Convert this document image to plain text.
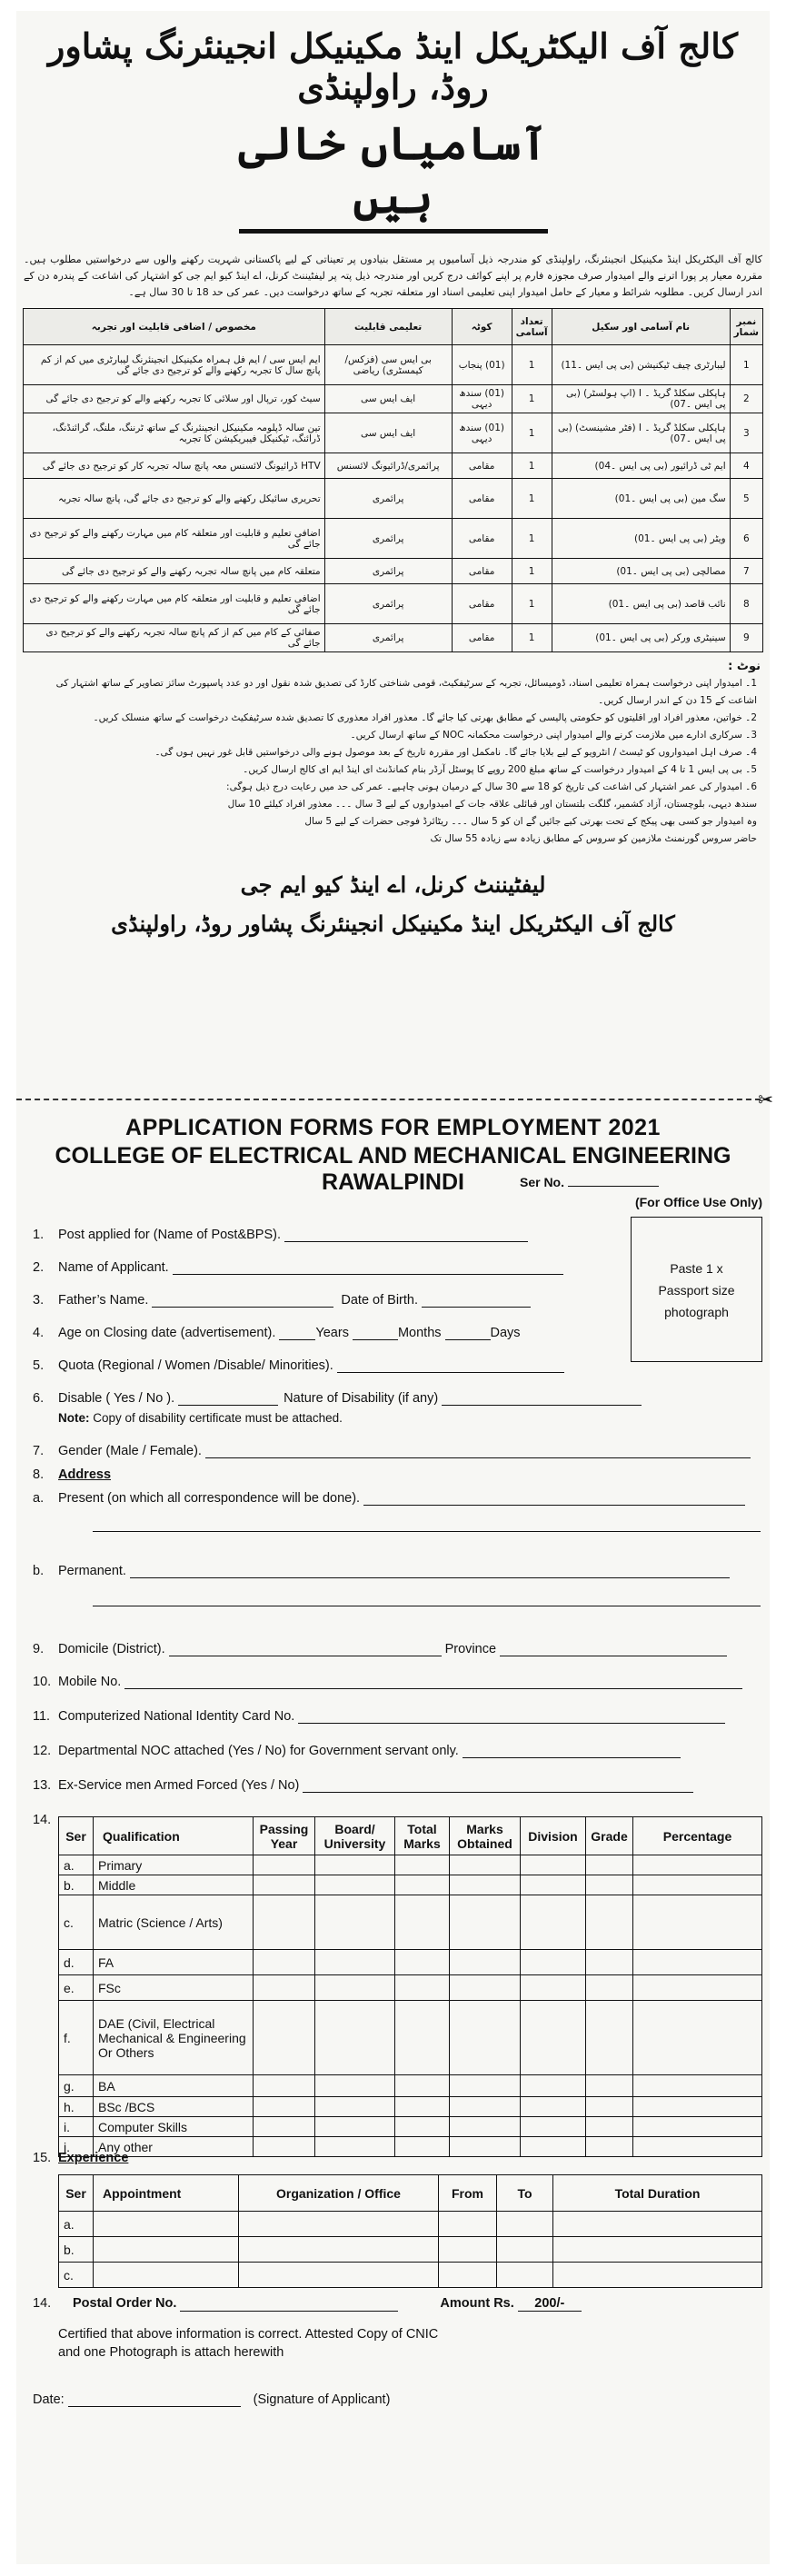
کالج آف الیکٹریکل اینڈ مکینیکل انجینئرنگ پشاور روڈ، راولپنڈی
آسامیاں خالی ہیں

کالج آف الیکٹریکل اینڈ مکینیکل انجینئرنگ، راولپنڈی کو مندرجہ ذیل آسامیوں پر مستقل بنیادوں پر تعیناتی کے لیے پاکستانی شہریت رکھنے والوں سے درخواستیں مطلوب ہیں۔ مقررہ معیار پر پورا اترنے والے امیدوار صرف مجوزہ فارم پر اپنے کوائف درج کریں اور مندرجہ ذیل پتہ پر لیفٹیننٹ کرنل، اے اینڈ کیو ایم جی کو اشتہار کی اشاعت کے پندرہ دن کے اندر ارسال کریں۔ مطلوبہ شرائط و معیار کے حامل امیدوار اپنی تعلیمی اسناد اور متعلقہ تجربہ کے ساتھ درخواست دیں۔ عمر کی حد 18 تا 30 سال ہے۔

نمبر شمار	نام آسامی اور سکیل	تعداد آسامی	کوٹہ	تعلیمی قابلیت	مخصوص / اضافی قابلیت اور تجربہ
1	لیبارٹری چیف ٹیکنیشن (بی پی ایس ۔11)	1	(01) پنجاب	بی ایس سی (فزکس/کیمسٹری) ریاضی	ایم ایس سی / ایم فل ہمراہ مکینیکل انجینئرنگ لیبارٹری میں کم از کم پانچ سال کا تجربہ رکھنے والے کو ترجیح دی جائے گی
2	ہاپکلی سکلڈ گریڈ ۔ I (اپ ہولسٹر) (بی پی ایس ۔07)	1	(01) سندھ دیہی	ایف ایس سی	سیٹ کور، ترپال اور سلائی کا تجربہ رکھنے والے کو ترجیح دی جائے گی
3	ہاپکلی سکلڈ گریڈ ۔ I (فٹر مشینسٹ) (بی پی ایس ۔07)	1	(01) سندھ دیہی	ایف ایس سی	تین سالہ ڈپلومہ مکینیکل انجینئرنگ کے ساتھ ٹرننگ، ملنگ، گرائنڈنگ، ڈرائنگ، ٹیکنیکل فیبریکیشن کا تجربہ
4	ایم ٹی ڈرائیور (بی پی ایس ۔04)	1	مقامی	پرائمری/ڈرائیونگ لائسنس	HTV ڈرائیونگ لائسنس معہ پانچ سالہ تجربہ کار کو ترجیح دی جائے گی
5	سگ مین (بی پی ایس ۔01)	1	مقامی	پرائمری	تحریری سائیکل رکھنے والے کو ترجیح دی جائے گی، پانچ سالہ تجربہ
6	ویٹر (بی پی ایس ۔01)	1	مقامی	پرائمری	اضافی تعلیم و قابلیت اور متعلقہ کام میں مہارت رکھنے والے کو ترجیح دی جائے گی
7	مصالچی (بی پی ایس ۔01)	1	مقامی	پرائمری	متعلقہ کام میں پانچ سالہ تجربہ رکھنے والے کو ترجیح دی جائے گی
8	نائب قاصد (بی پی ایس ۔01)	1	مقامی	پرائمری	اضافی تعلیم و قابلیت اور متعلقہ کام میں مہارت رکھنے والے کو ترجیح دی جائے گی
9	سینیٹری ورکر (بی پی ایس ۔01)	1	مقامی	پرائمری	صفائی کے کام میں کم از کم پانچ سالہ تجربہ رکھنے والے کو ترجیح دی جائے گی
نوٹ :
1۔ امیدوار اپنی درخواست ہمراہ تعلیمی اسناد، ڈومیسائل، تجربہ کے سرٹیفکیٹ، قومی شناختی کارڈ کی تصدیق شدہ نقول اور دو عدد پاسپورٹ سائز تصاویر کے ساتھ اشتہار کی اشاعت کے 15 دن کے اندر ارسال کریں۔
2۔ خواتین، معذور افراد اور اقلیتوں کو حکومتی پالیسی کے مطابق بھرتی کیا جائے گا۔ معذور افراد معذوری کا تصدیق شدہ سرٹیفکیٹ درخواست کے ساتھ منسلک کریں۔
3۔ سرکاری ادارے میں ملازمت کرنے والے امیدوار اپنی درخواست محکمانہ NOC کے ساتھ ارسال کریں۔
4۔ صرف اہل امیدواروں کو ٹیسٹ / انٹرویو کے لیے بلایا جائے گا۔ نامکمل اور مقررہ تاریخ کے بعد موصول ہونے والی درخواستیں قابل غور نہیں ہوں گی۔
5۔ بی پی ایس 1 تا 4 کے امیدوار درخواست کے ساتھ مبلغ 200 روپے کا پوسٹل آرڈر بنام کمانڈنٹ ای اینڈ ایم ای کالج ارسال کریں۔
6۔ امیدوار کی عمر اشتہار کی اشاعت کی تاریخ کو 18 سے 30 سال کے درمیان ہونی چاہیے۔ عمر کی حد میں رعایت درج ذیل ہوگی:
سندھ دیہی، بلوچستان، آزاد کشمیر، گلگت بلتستان اور قبائلی علاقہ جات کے امیدواروں کے لیے 3 سال ۔۔۔ معذور افراد کیلئے 10 سال
وہ امیدوار جو کسی بھی پیکج کے تحت بھرتی کیے جائیں گے ان کو 5 سال ۔۔۔ ریٹائرڈ فوجی حضرات کے لیے 5 سال
حاضر سروس گورنمنٹ ملازمین کو سروس کے مطابق زیادہ سے زیادہ 55 سال تک
لیفٹیننٹ کرنل، اے اینڈ کیو ایم جی
کالج آف الیکٹریکل اینڈ مکینیکل انجینئرنگ پشاور روڈ، راولپنڈی
✂
APPLICATION FORMS FOR EMPLOYMENT 2021
COLLEGE OF ELECTRICAL AND MECHANICAL ENGINEERING RAWALPINDI	Ser No.
(For Office Use Only)
Paste 1 x
Passport size
photograph
1. Post applied for (Name of Post&BPS).
2. Name of Applicant.
3. Father’s Name.	Date of Birth.
4. Age on Closing date (advertisement).	Years	Months	Days
5. Quota (Regional / Women /Disable/ Minorities).
6. Disable ( Yes / No ).	Nature of Disability (if any)
Note: Copy of disability certificate must be attached.
7. Gender (Male / Female).
8. Address
a. Present (on which all correspondence will be done).
b. Permanent.
9. Domicile (District).	Province
10. Mobile No.
11. Computerized National Identity Card No.
12. Departmental NOC attached (Yes / No) for Government servant only.
13. Ex-Service men Armed Forced (Yes / No)
14.
Ser	Qualification	Passing Year	Board/ University	Total Marks	Marks Obtained	Division	Grade	Percentage
a.	Primary							
b.	Middle							
c.	Matric (Science / Arts)							
d.	FA							
e.	FSc							
f.	DAE (Civil, Electrical Mechanical & Engineering Or Others							
g.	BA							
h.	BSc /BCS							
i.	Computer Skills							
j.	Any other							
15. Experience
Ser	Appointment	Organization / Office	From	To	Total Duration
a.					
b.					
c.					
14. Postal Order No.	Amount Rs. 200/-
Certified that above information is correct. Attested Copy of CNIC and one Photograph is attach herewith
Date:	(Signature of Applicant)
